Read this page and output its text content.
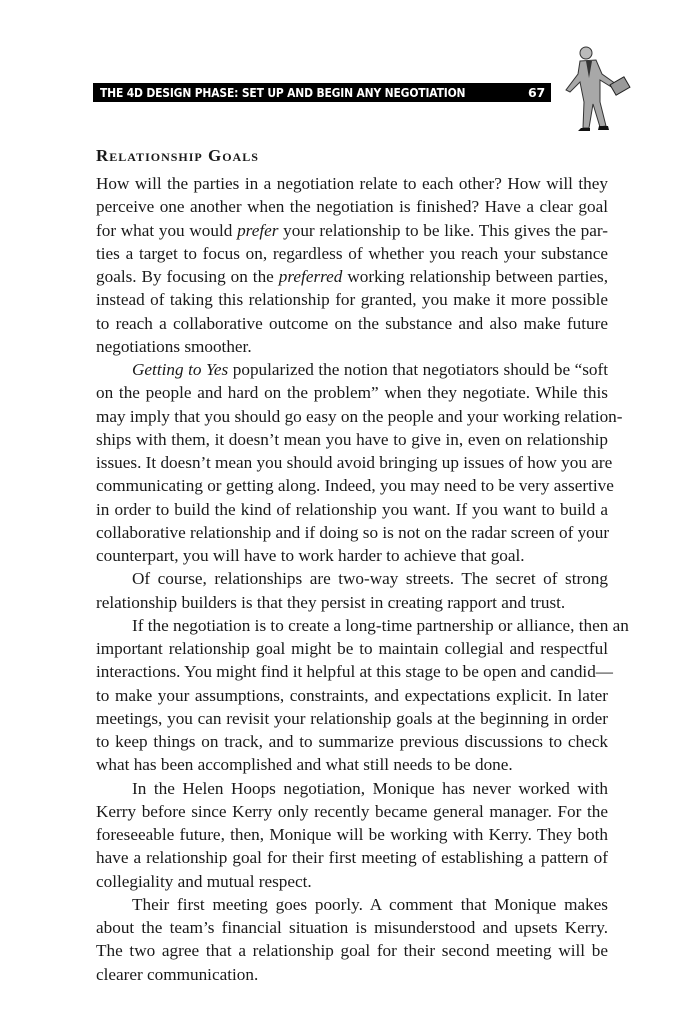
THE 4D DESIGN PHASE: SET UP AND BEGIN ANY NEGOTIATION	67
Relationship Goals
How will the parties in a negotiation relate to each other? How will they
perceive one another when the negotiation is finished? Have a clear goal
for what you would prefer your relationship to be like. This gives the par-
ties a target to focus on, regardless of whether you reach your substance
goals. By focusing on the preferred working relationship between parties,
instead of taking this relationship for granted, you make it more possible
to reach a collaborative outcome on the substance and also make future
negotiations smoother.
Getting to Yes popularized the notion that negotiators should be “soft
on the people and hard on the problem” when they negotiate. While this
may imply that you should go easy on the people and your working relation-
ships with them, it doesn’t mean you have to give in, even on relationship
issues. It doesn’t mean you should avoid bringing up issues of how you are
communicating or getting along. Indeed, you may need to be very assertive
in order to build the kind of relationship you want. If you want to build a
collaborative relationship and if doing so is not on the radar screen of your
counterpart, you will have to work harder to achieve that goal.
Of course, relationships are two-way streets. The secret of strong
relationship builders is that they persist in creating rapport and trust.
If the negotiation is to create a long-time partnership or alliance, then an
important relationship goal might be to maintain collegial and respectful
interactions. You might find it helpful at this stage to be open and candid—
to make your assumptions, constraints, and expectations explicit. In later
meetings, you can revisit your relationship goals at the beginning in order
to keep things on track, and to summarize previous discussions to check
what has been accomplished and what still needs to be done.
In the Helen Hoops negotiation, Monique has never worked with
Kerry before since Kerry only recently became general manager. For the
foreseeable future, then, Monique will be working with Kerry. They both
have a relationship goal for their first meeting of establishing a pattern of
collegiality and mutual respect.
Their first meeting goes poorly. A comment that Monique makes
about the team’s financial situation is misunderstood and upsets Kerry.
The two agree that a relationship goal for their second meeting will be
clearer communication.
